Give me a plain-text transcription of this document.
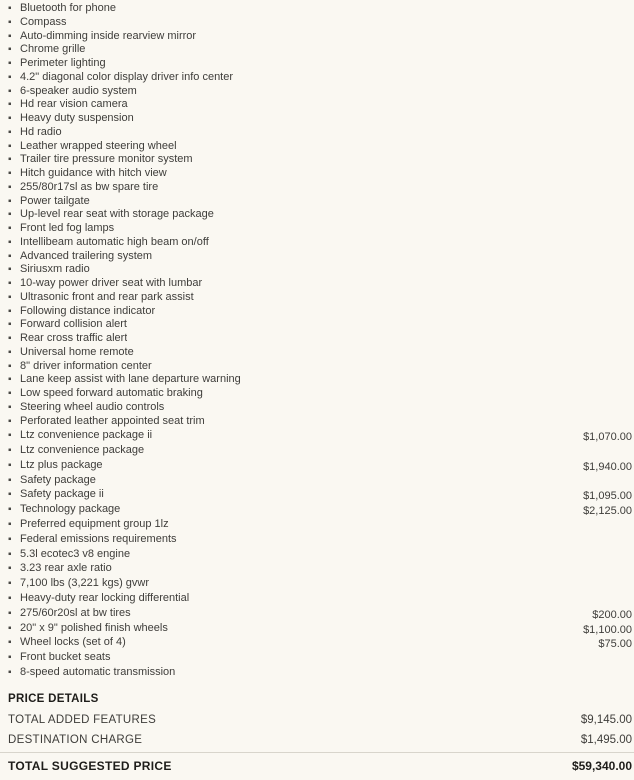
▪ Bluetooth for phone
▪ Compass
▪ Auto-dimming inside rearview mirror
▪ Chrome grille
▪ Perimeter lighting
▪ 4.2" diagonal color display driver info center
▪ 6-speaker audio system
▪ Hd rear vision camera
▪ Heavy duty suspension
▪ Hd radio
▪ Leather wrapped steering wheel
▪ Trailer tire pressure monitor system
▪ Hitch guidance with hitch view
▪ 255/80r17sl as bw spare tire
▪ Power tailgate
▪ Up-level rear seat with storage package
▪ Front led fog lamps
▪ Intellibeam automatic high beam on/off
▪ Advanced trailering system
▪ Siriusxm radio
▪ 10-way power driver seat with lumbar
▪ Ultrasonic front and rear park assist
▪ Following distance indicator
▪ Forward collision alert
▪ Rear cross traffic alert
▪ Universal home remote
▪ 8" driver information center
▪ Lane keep assist with lane departure warning
▪ Low speed forward automatic braking
▪ Steering wheel audio controls
▪ Perforated leather appointed seat trim
▪ Ltz convenience package ii	$1,070.00
▪ Ltz convenience package
▪ Ltz plus package	$1,940.00
▪ Safety package
▪ Safety package ii	$1,095.00
▪ Technology package	$2,125.00
▪ Preferred equipment group 1lz
▪ Federal emissions requirements
▪ 5.3l ecotec3 v8 engine
▪ 3.23 rear axle ratio
▪ 7,100 lbs (3,221 kgs) gvwr
▪ Heavy-duty rear locking differential
▪ 275/60r20sl at bw tires	$200.00
▪ 20" x 9" polished finish wheels	$1,100.00
▪ Wheel locks (set of 4)	$75.00
▪ Front bucket seats
▪ 8-speed automatic transmission
PRICE DETAILS
TOTAL ADDED FEATURES	$9,145.00
DESTINATION CHARGE	$1,495.00
TOTAL SUGGESTED PRICE	$59,340.00
